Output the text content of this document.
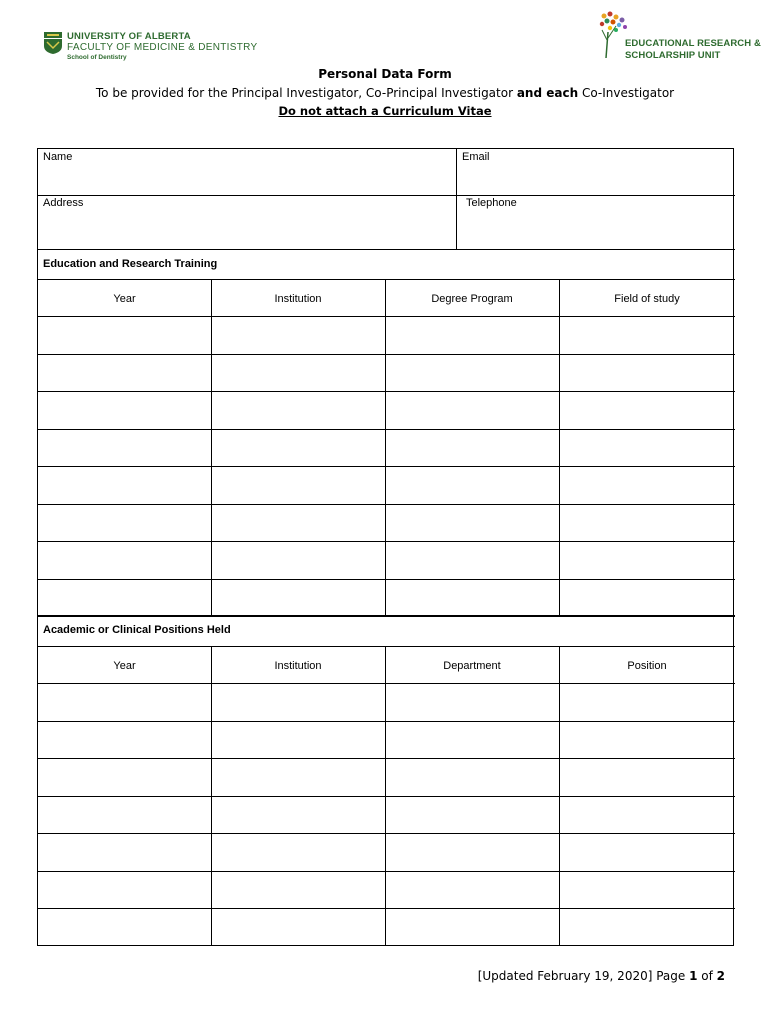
UNIVERSITY OF ALBERTA
FACULTY OF MEDICINE & DENTISTRY
School of Dentistry
EDUCATIONAL RESEARCH &
SCHOLARSHIP UNIT
Personal Data Form
To be provided for the Principal Investigator, Co-Principal Investigator and each Co-Investigator
Do not attach a Curriculum Vitae
Name	Email
Address	Telephone
Education and Research Training
Academic or Clinical Positions Held
Year	Institution	Degree Program	Field of study
Year	Institution	Department	Position
[Updated February 19, 2020] Page 1 of 2
